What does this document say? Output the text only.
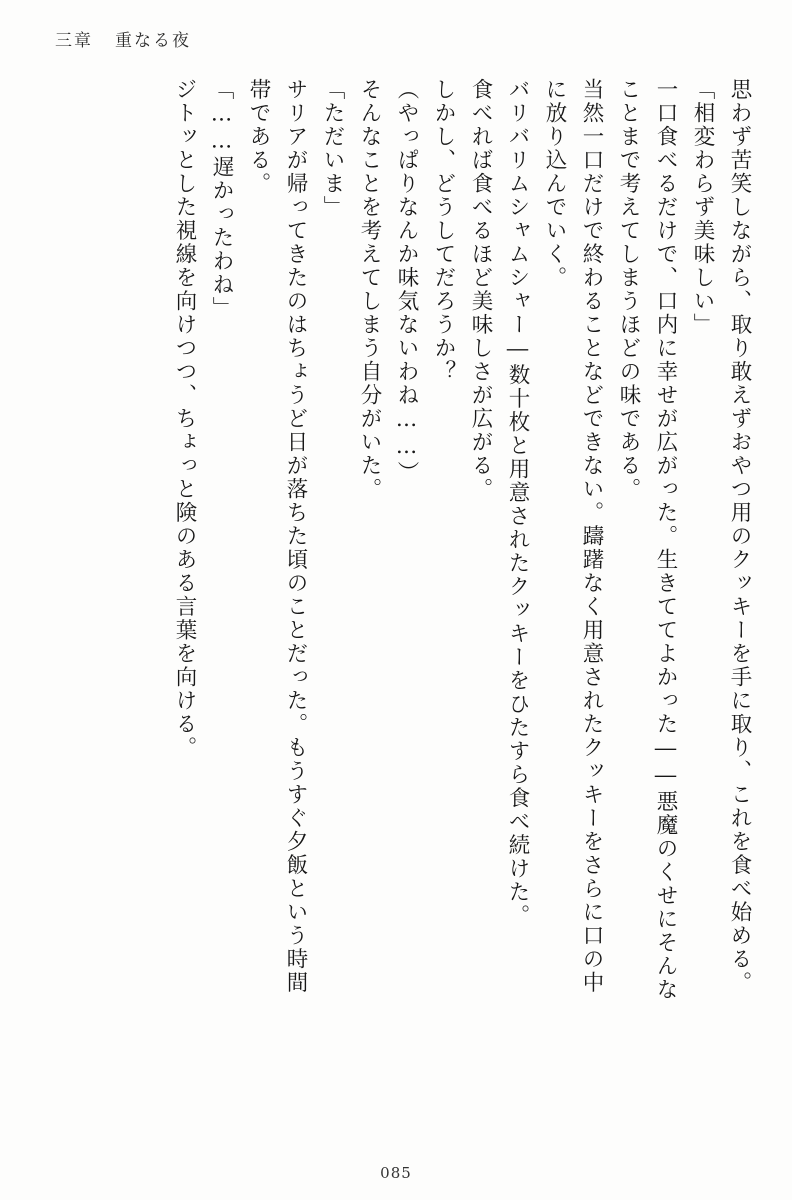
三章 重なる夜
思わず苦笑しながら、取り敢えずおやつ用のクッキーを手に取り、これを食べ始める。
「相変わらず美味しい」
一口食べるだけで、口内に幸せが広がった。生きててよかった――悪魔のくせにそんな
ことまで考えてしまうほどの味である。
当然一口だけで終わることなどできない。躊躇なく用意されたクッキーをさらに口の中
に放り込んでいく。
バリバリムシャムシャー―数十枚と用意されたクッキーをひたすら食べ続けた。
食べれば食べるほど美味しさが広がる。
しかし、どうしてだろうか？
（やっぱりなんか味気ないわね……）
そんなことを考えてしまう自分がいた。
「ただいま」
サリアが帰ってきたのはちょうど日が落ちた頃のことだった。もうすぐ夕飯という時間
帯である。
「……遅かったわね」
ジトッとした視線を向けつつ、ちょっと険のある言葉を向ける。
085
